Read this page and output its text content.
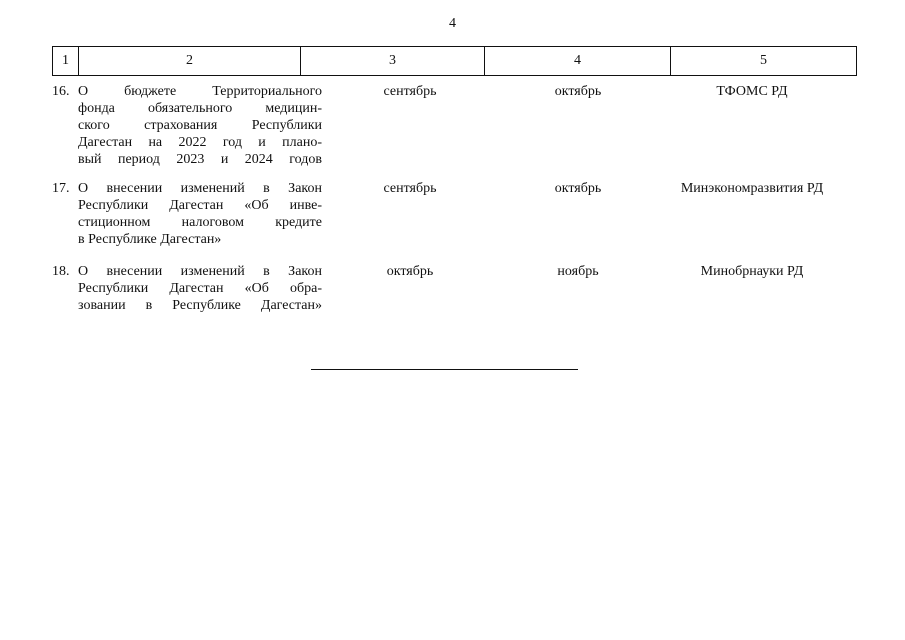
4
1	2	3	4	5
16. О бюджете Территориального
фонда обязательного медицин-
ского страхования Республики
Дагестан на 2022 год и плано-
вый период 2023 и 2024 годов
сентябрь	октябрь	ТФОМС РД
17. О внесении изменений в Закон
Республики Дагестан «Об инве-
стиционном налоговом кредите
в Республике Дагестан»
сентябрь	октябрь	Минэкономразвития РД
18. О внесении изменений в Закон
Республики Дагестан «Об обра-
зовании в Республике Дагестан»
октябрь	ноябрь	Минобрнауки РД
